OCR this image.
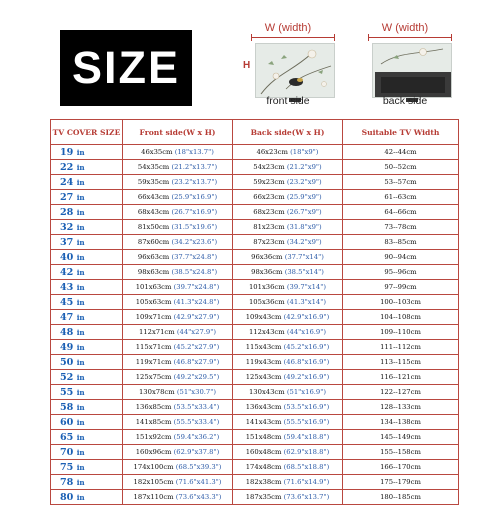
SIZE
W (width)
H
W (width)
front side	back side
TV COVER SIZE	Front side(W x H)	Back side(W x H)	Suitable TV Width
19 in	46x35cm (18"x13.7")	46x23cm (18"x9")	42--44cm
22 in	54x35cm (21.2"x13.7")	54x23cm (21.2"x9")	50--52cm
24 in	59x35cm (23.2"x13.7")	59x23cm (23.2"x9")	53--57cm
27 in	66x43cm (25.9"x16.9")	66x23cm (25.9"x9")	61--63cm
28 in	68x43cm (26.7"x16.9")	68x23cm (26.7"x9")	64--66cm
32 in	81x50cm (31.5"x19.6")	81x23cm (31.8"x9")	73--78cm
37 in	87x60cm (34.2"x23.6")	87x23cm (34.2"x9")	83--85cm
40 in	96x63cm (37.7"x24.8")	96x36cm (37.7"x14")	90--94cm
42 in	98x63cm (38.5"x24.8")	98x36cm (38.5"x14")	95--96cm
43 in	101x63cm (39.7"x24.8")	101x36cm (39.7"x14")	97--99cm
45 in	105x63cm (41.3"x24.8")	105x36cm (41.3"x14")	100--103cm
47 in	109x71cm (42.9"x27.9")	109x43cm (42.9"x16.9")	104--108cm
48 in	112x71cm (44"x27.9")	112x43cm (44"x16.9")	109--110cm
49 in	115x71cm (45.2"x27.9")	115x43cm (45.2"x16.9")	111--112cm
50 in	119x71cm (46.8"x27.9")	119x43cm (46.8"x16.9")	113--115cm
52 in	125x75cm (49.2"x29.5")	125x43cm (49.2"x16.9")	116--121cm
55 in	130x78cm (51"x30.7")	130x43cm (51"x16.9")	122--127cm
58 in	136x85cm (53.5"x33.4")	136x43cm (53.5"x16.9")	128--133cm
60 in	141x85cm (55.5"x33.4")	141x43cm (55.5"x16.9")	134--138cm
65 in	151x92cm (59.4"x36.2")	151x48cm (59.4"x18.8")	145--149cm
70 in	160x96cm (62.9"x37.8")	160x48cm (62.9"x18.8")	155--158cm
75 in	174x100cm (68.5"x39.3")	174x48cm (68.5"x18.8")	166--170cm
78 in	182x105cm (71.6"x41.3")	182x38cm (71.6"x14.9")	175--179cm
80 in	187x110cm (73.6"x43.3")	187x35cm (73.6"x13.7")	180--185cm
